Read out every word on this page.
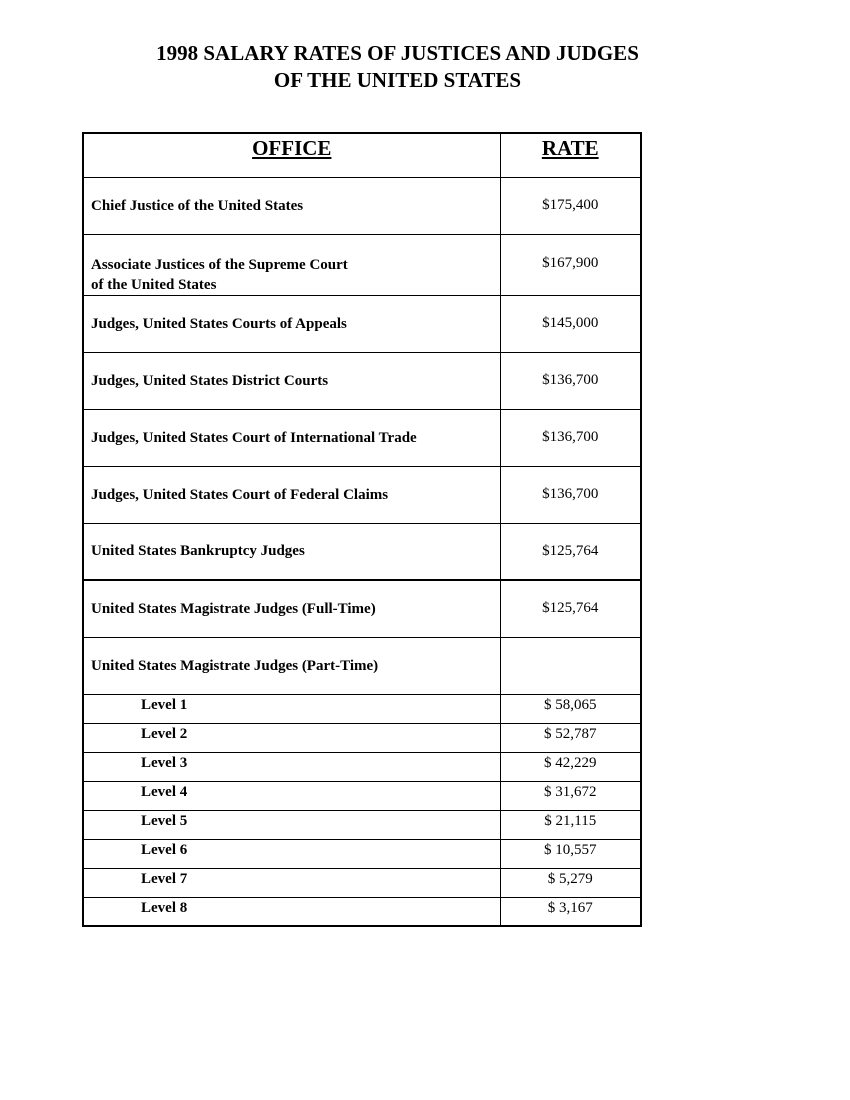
1998 SALARY RATES OF JUSTICES AND JUDGES
OF THE UNITED STATES
OFFICE	RATE
Chief Justice of the United States	$175,400

Associate Justices of the Supreme Court
of the United States	$167,900
Judges, United States Courts of Appeals	$145,000
Judges, United States District Courts	$136,700
Judges, United States Court of International Trade	$136,700
Judges, United States Court of Federal Claims	$136,700
United States Bankruptcy Judges	$125,764
United States Magistrate Judges (Full-Time)	$125,764
United States Magistrate Judges (Part-Time)	
Level 1	$ 58,065
Level 2	$ 52,787
Level 3	$ 42,229
Level 4	$ 31,672
Level 5	$ 21,115
Level 6	$ 10,557
Level 7	$ 5,279
Level 8	$ 3,167
